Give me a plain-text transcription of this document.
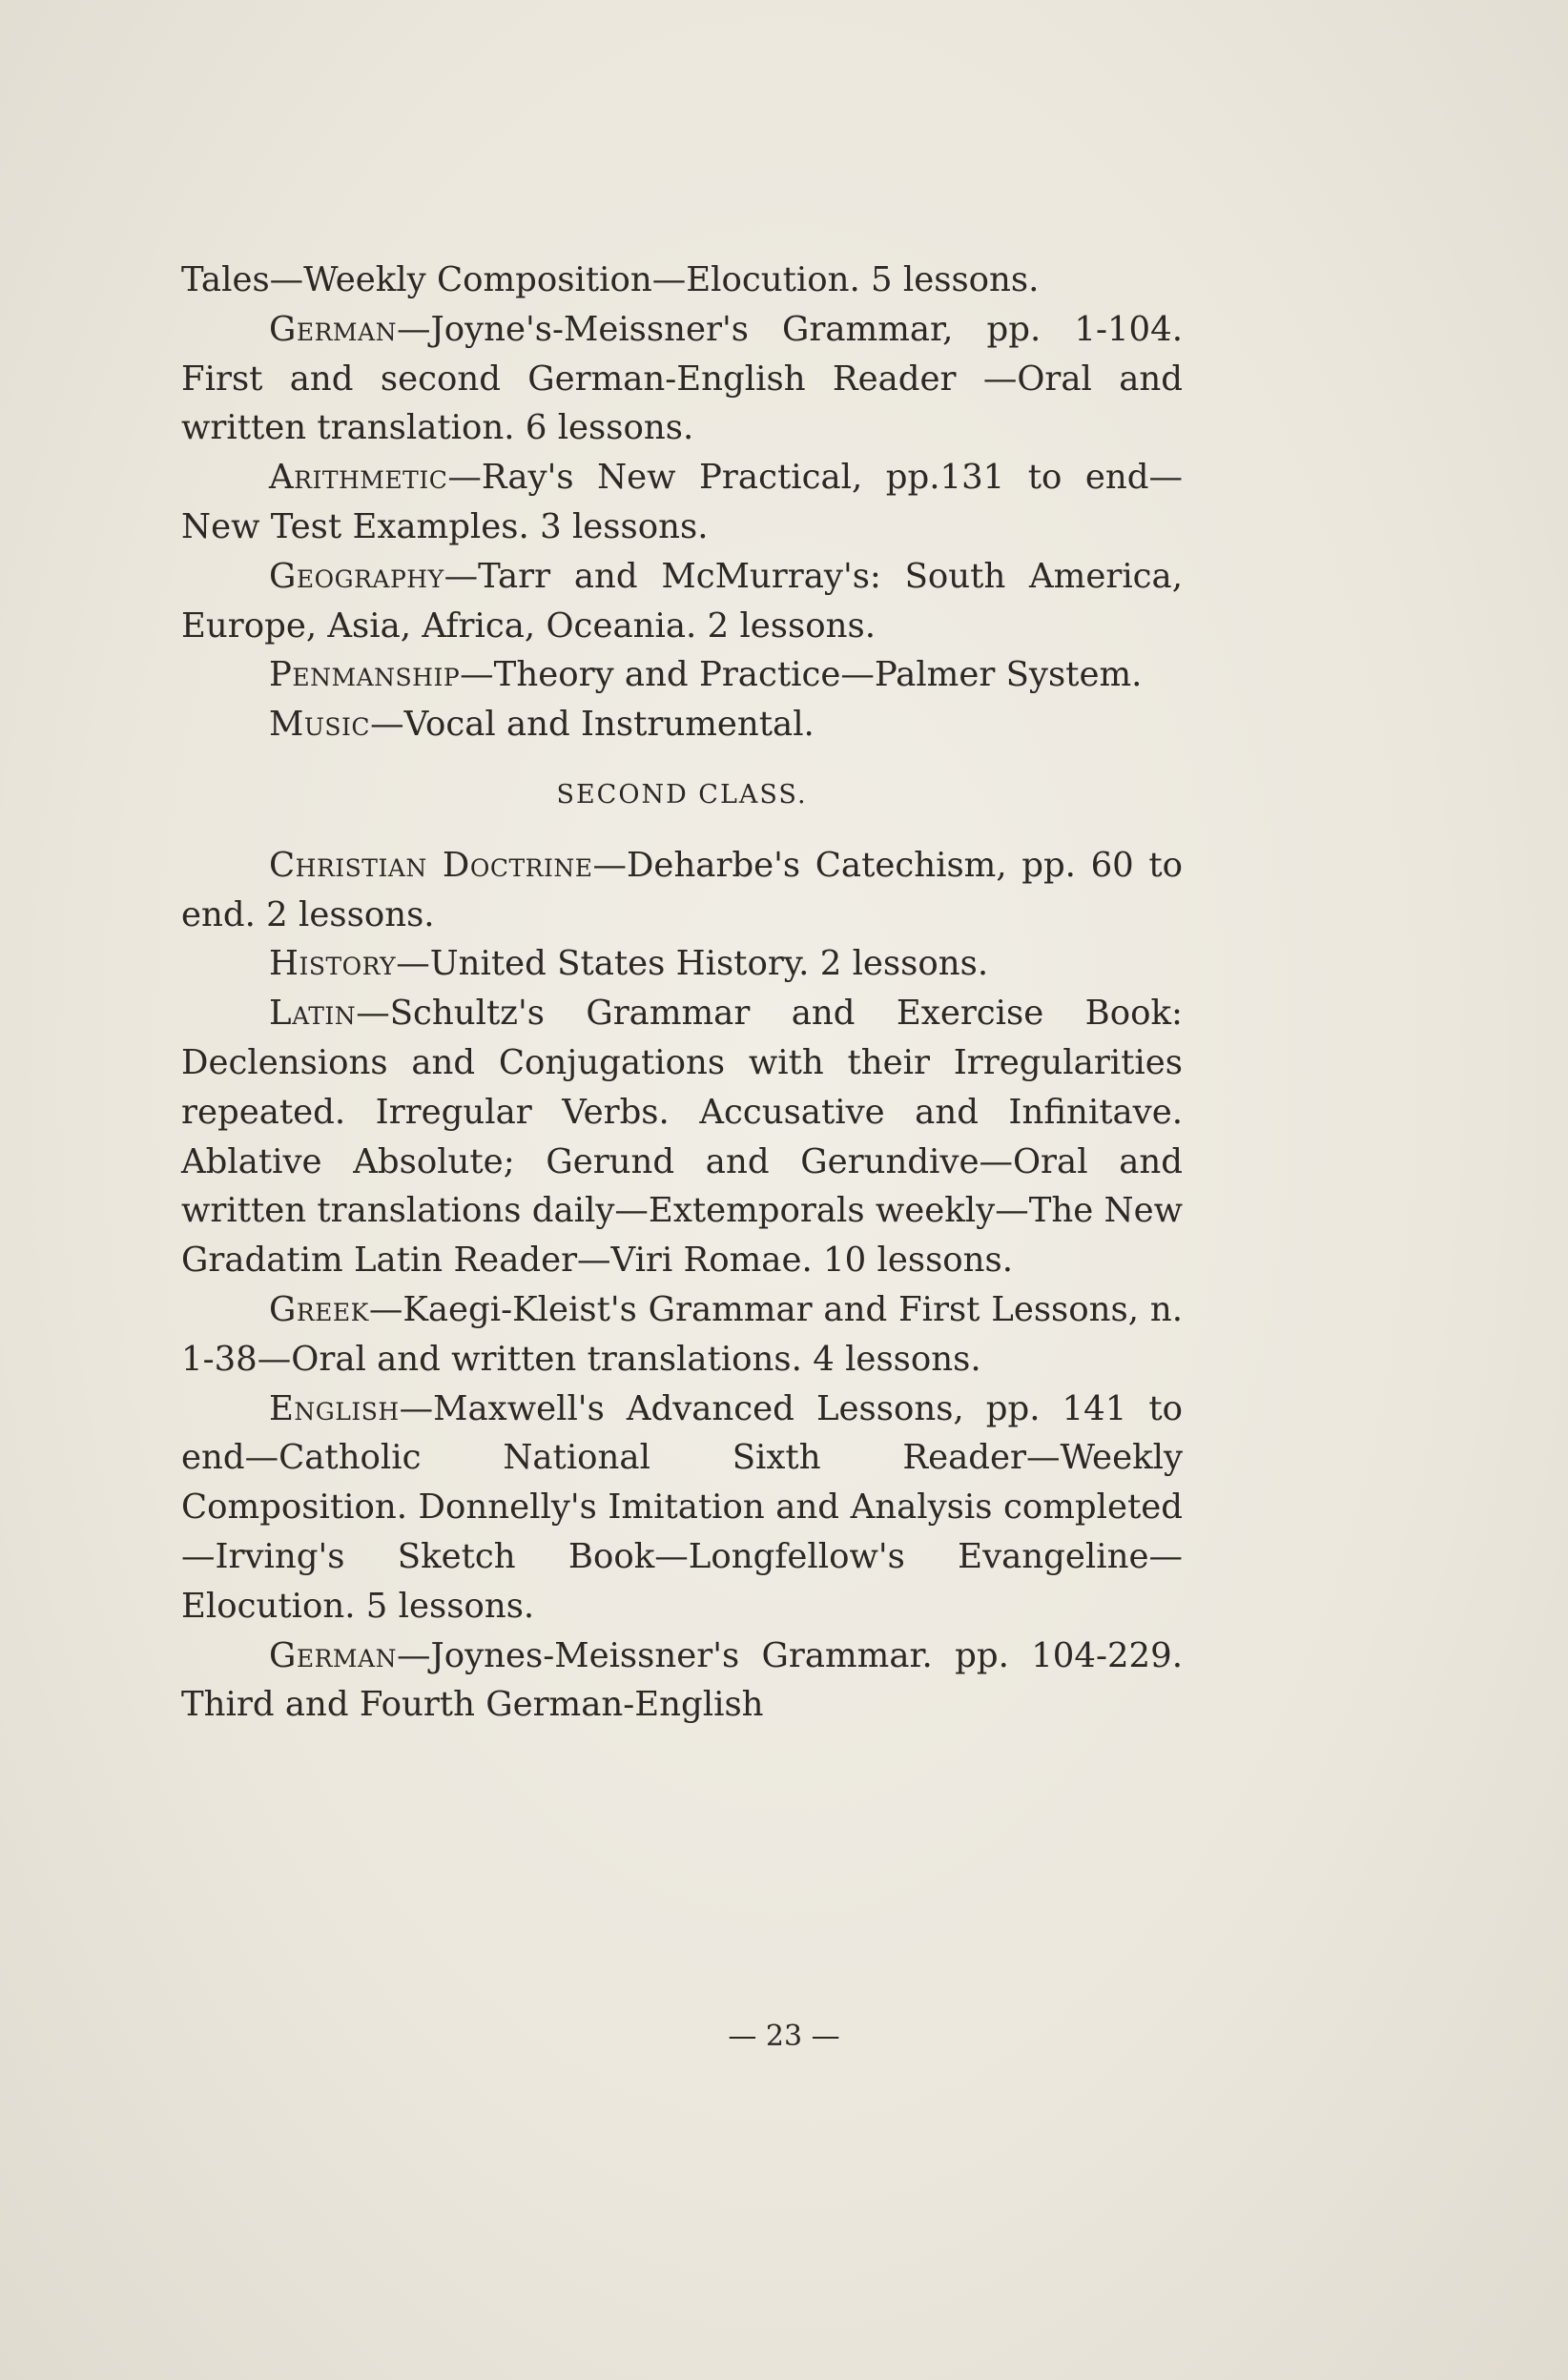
Tales—Weekly Composition—Elocution. 5 lessons.

German—Joyne's-Meissner's Grammar, pp. 1-104. First and second German-English Reader —Oral and written translation. 6 lessons.

Arithmetic—Ray's New Practical, pp.131 to end—New Test Examples. 3 lessons.

Geography—Tarr and McMurray's: South America, Europe, Asia, Africa, Oceania. 2 lessons.

Penmanship—Theory and Practice—Palmer System.

Music—Vocal and Instrumental.

SECOND CLASS.

Christian Doctrine—Deharbe's Catechism, pp. 60 to end. 2 lessons.

History—United States History. 2 lessons.

Latin—Schultz's Grammar and Exercise Book: Declensions and Conjugations with their Irregularities repeated. Irregular Verbs. Accusative and Infinitave. Ablative Absolute; Gerund and Gerundive—Oral and written translations daily—Extemporals weekly—The New Gradatim Latin Reader—Viri Romae. 10 lessons.

Greek—Kaegi-Kleist's Grammar and First Lessons, n. 1-38—Oral and written translations. 4 lessons.

English—Maxwell's Advanced Lessons, pp. 141 to end—Catholic National Sixth Reader—Weekly Composition. Donnelly's Imitation and Analysis completed—Irving's Sketch Book—Longfellow's Evangeline—Elocution. 5 lessons.

German—Joynes-Meissner's Grammar. pp. 104-229. Third and Fourth German-English

— 23 —
